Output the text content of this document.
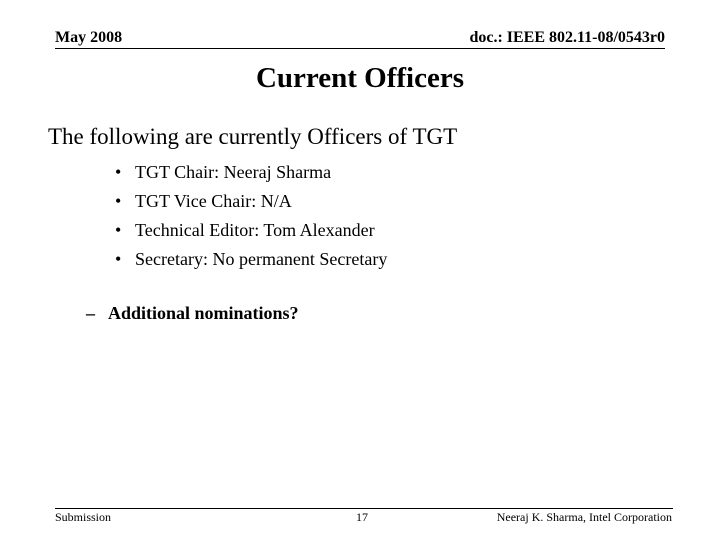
May 2008	doc.: IEEE 802.11-08/0543r0
Current Officers
The following are currently Officers of TGT
• TGT Chair: Neeraj Sharma
• TGT Vice Chair: N/A
• Technical Editor: Tom Alexander
• Secretary: No permanent Secretary
– Additional nominations?
Submission	17	Neeraj K. Sharma, Intel Corporation
